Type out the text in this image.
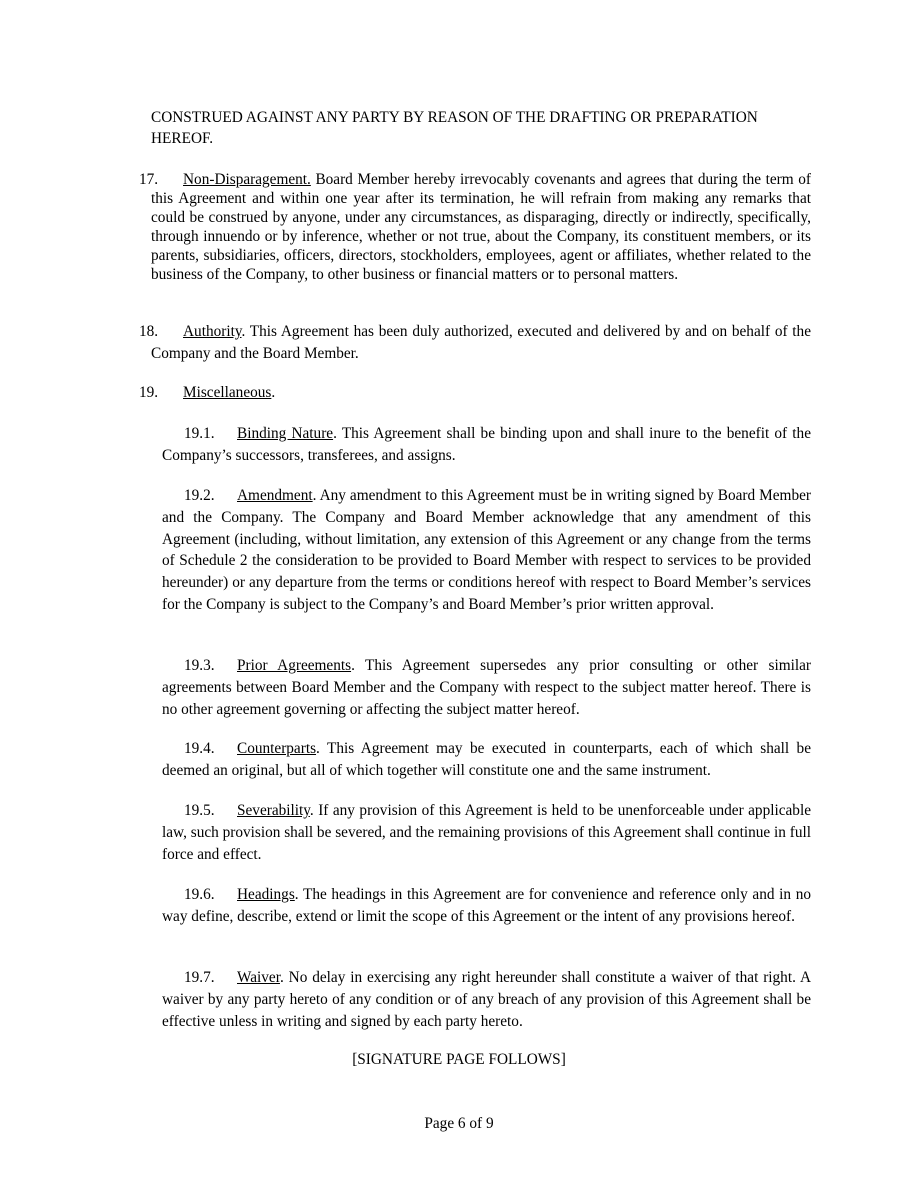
CONSTRUED AGAINST ANY PARTY BY REASON OF THE DRAFTING OR PREPARATION HEREOF.
17. Non-Disparagement. Board Member hereby irrevocably covenants and agrees that during the term of this Agreement and within one year after its termination, he will refrain from making any remarks that could be construed by anyone, under any circumstances, as disparaging, directly or indirectly, specifically, through innuendo or by inference, whether or not true, about the Company, its constituent members, or its parents, subsidiaries, officers, directors, stockholders, employees, agent or affiliates, whether related to the business of the Company, to other business or financial matters or to personal matters.
18. Authority. This Agreement has been duly authorized, executed and delivered by and on behalf of the Company and the Board Member.
19. Miscellaneous.
19.1. Binding Nature. This Agreement shall be binding upon and shall inure to the benefit of the Company’s successors, transferees, and assigns.
19.2. Amendment. Any amendment to this Agreement must be in writing signed by Board Member and the Company. The Company and Board Member acknowledge that any amendment of this Agreement (including, without limitation, any extension of this Agreement or any change from the terms of Schedule 2 the consideration to be provided to Board Member with respect to services to be provided hereunder) or any departure from the terms or conditions hereof with respect to Board Member’s services for the Company is subject to the Company’s and Board Member’s prior written approval.
19.3. Prior Agreements. This Agreement supersedes any prior consulting or other similar agreements between Board Member and the Company with respect to the subject matter hereof. There is no other agreement governing or affecting the subject matter hereof.
19.4. Counterparts. This Agreement may be executed in counterparts, each of which shall be deemed an original, but all of which together will constitute one and the same instrument.
19.5. Severability. If any provision of this Agreement is held to be unenforceable under applicable law, such provision shall be severed, and the remaining provisions of this Agreement shall continue in full force and effect.
19.6. Headings. The headings in this Agreement are for convenience and reference only and in no way define, describe, extend or limit the scope of this Agreement or the intent of any provisions hereof.
19.7. Waiver. No delay in exercising any right hereunder shall constitute a waiver of that right. A waiver by any party hereto of any condition or of any breach of any provision of this Agreement shall be effective unless in writing and signed by each party hereto.
[SIGNATURE PAGE FOLLOWS]
Page 6 of 9
